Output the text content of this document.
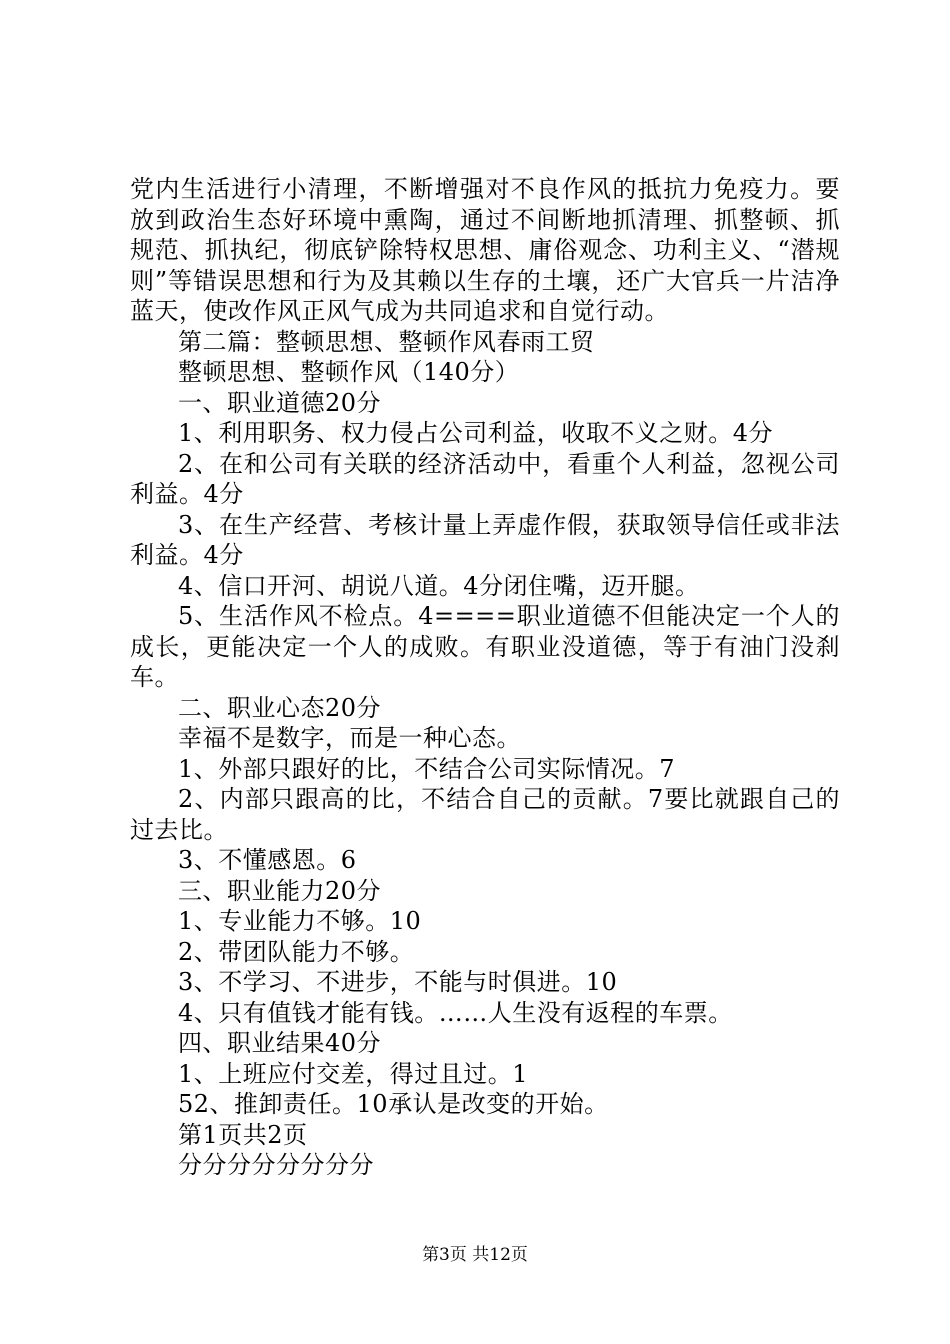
党内生活进行小清理，不断增强对不良作风的抵抗力免疫力。要放到政治生态好环境中熏陶，通过不间断地抓清理、抓整顿、抓规范、抓执纪，彻底铲除特权思想、庸俗观念、功利主义、“潜规则”等错误思想和行为及其赖以生存的土壤，还广大官兵一片洁净蓝天，使改作风正风气成为共同追求和自觉行动。

第二篇：整顿思想、整顿作风春雨工贸

整顿思想、整顿作风（140分）

一、职业道德20分

1、利用职务、权力侵占公司利益，收取不义之财。4分

2、在和公司有关联的经济活动中，看重个人利益，忽视公司利益。4分

3、在生产经营、考核计量上弄虚作假，获取领导信任或非法利益。4分

4、信口开河、胡说八道。4分闭住嘴，迈开腿。

5、生活作风不检点。4====职业道德不但能决定一个人的成长，更能决定一个人的成败。有职业没道德，等于有油门没刹车。

二、职业心态20分

幸福不是数字，而是一种心态。

1、外部只跟好的比，不结合公司实际情况。7

2、内部只跟高的比，不结合自己的贡献。7要比就跟自己的过去比。

3、不懂感恩。6

三、职业能力20分

1、专业能力不够。10

2、带团队能力不够。

3、不学习、不进步，不能与时俱进。10

4、只有值钱才能有钱。……人生没有返程的车票。

四、职业结果40分

1、上班应付交差，得过且过。1

52、推卸责任。10承认是改变的开始。

第1页共2页

分分分分分分分分

第3页 共12页
